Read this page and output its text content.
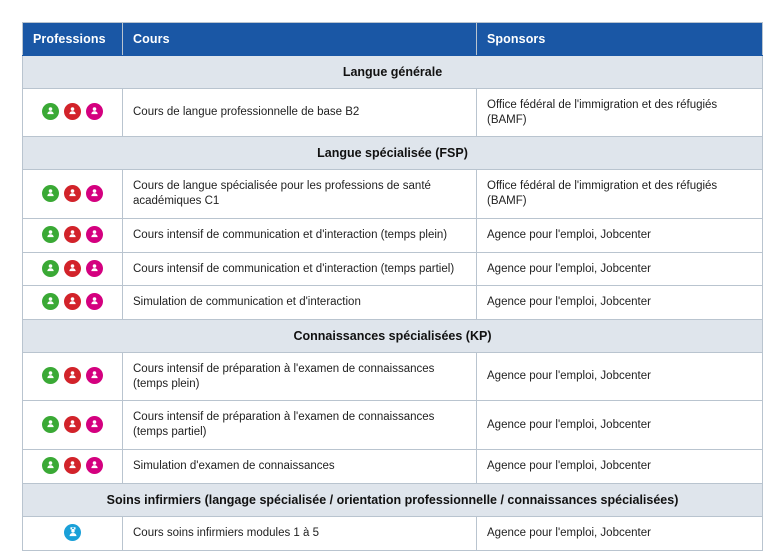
Professions	Cours	Sponsors
Langue générale		

	Cours de langue professionnelle de base B2	Office fédéral de l'immigration et des réfugiés (BAMF)
Langue spécialisée (FSP)		

	Cours de langue spécialisée pour les professions de santé académiques C1	Office fédéral de l'immigration et des réfugiés (BAMF)

	Cours intensif de communication et d'interaction (temps plein)	Agence pour l'emploi, Jobcenter

	Cours intensif de communication et d'interaction (temps partiel)	Agence pour l'emploi, Jobcenter

	Simulation de communication et d'interaction	Agence pour l'emploi, Jobcenter
Connaissances spécialisées (KP)		

	Cours intensif de préparation à l'examen de connaissances (temps plein)	Agence pour l'emploi, Jobcenter

	Cours intensif de préparation à l'examen de connaissances (temps partiel)	Agence pour l'emploi, Jobcenter

	Simulation d'examen de connaissances	Agence pour l'emploi, Jobcenter
Soins infirmiers (langage spécialisée / orientation professionnelle / connaissances spécialisées)		

	Cours soins infirmiers modules 1 à 5	Agence pour l'emploi, Jobcenter
